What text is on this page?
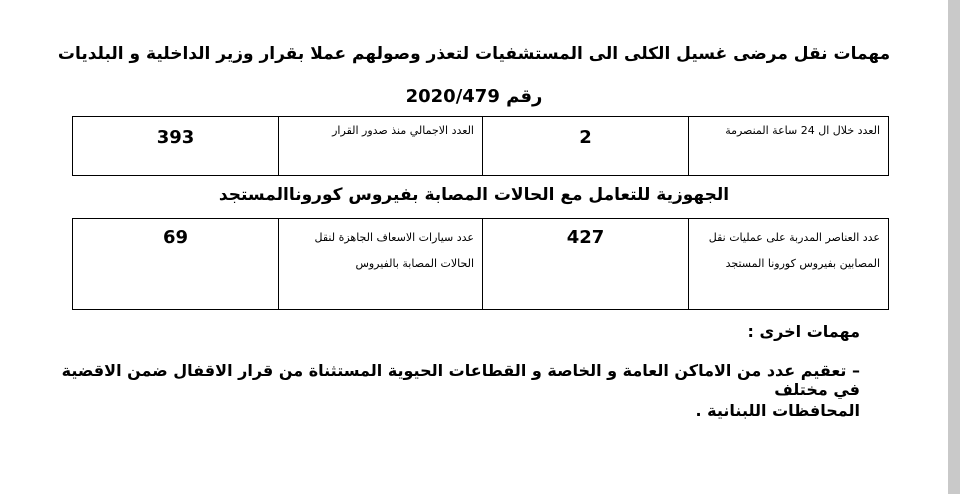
مهمات نقل مرضى غسيل الكلى الى المستشفيات لتعذر وصولهم عملا بقرار وزير الداخلية و البلديات
رقم 2020/479
العدد خلال ال 24 ساعة المنصرمة	2	العدد الاجمالي منذ صدور القرار	393
الجهوزية للتعامل مع الحالات المصابة بفيروس كوروناالمستجد
عدد العناصر المدربة على عمليات نقل المصابين بفيروس كورونا المستجد	427	عدد سيارات الاسعاف الجاهزة لنقل الحالات المصابة بالفيروس	69
مهمات اخرى :
– تعقيم عدد من الاماكن العامة و الخاصة و القطاعات الحيوية المستثناة من قرار الاقفال ضمن الاقضية في مختلف
المحافظات اللبنانية .
